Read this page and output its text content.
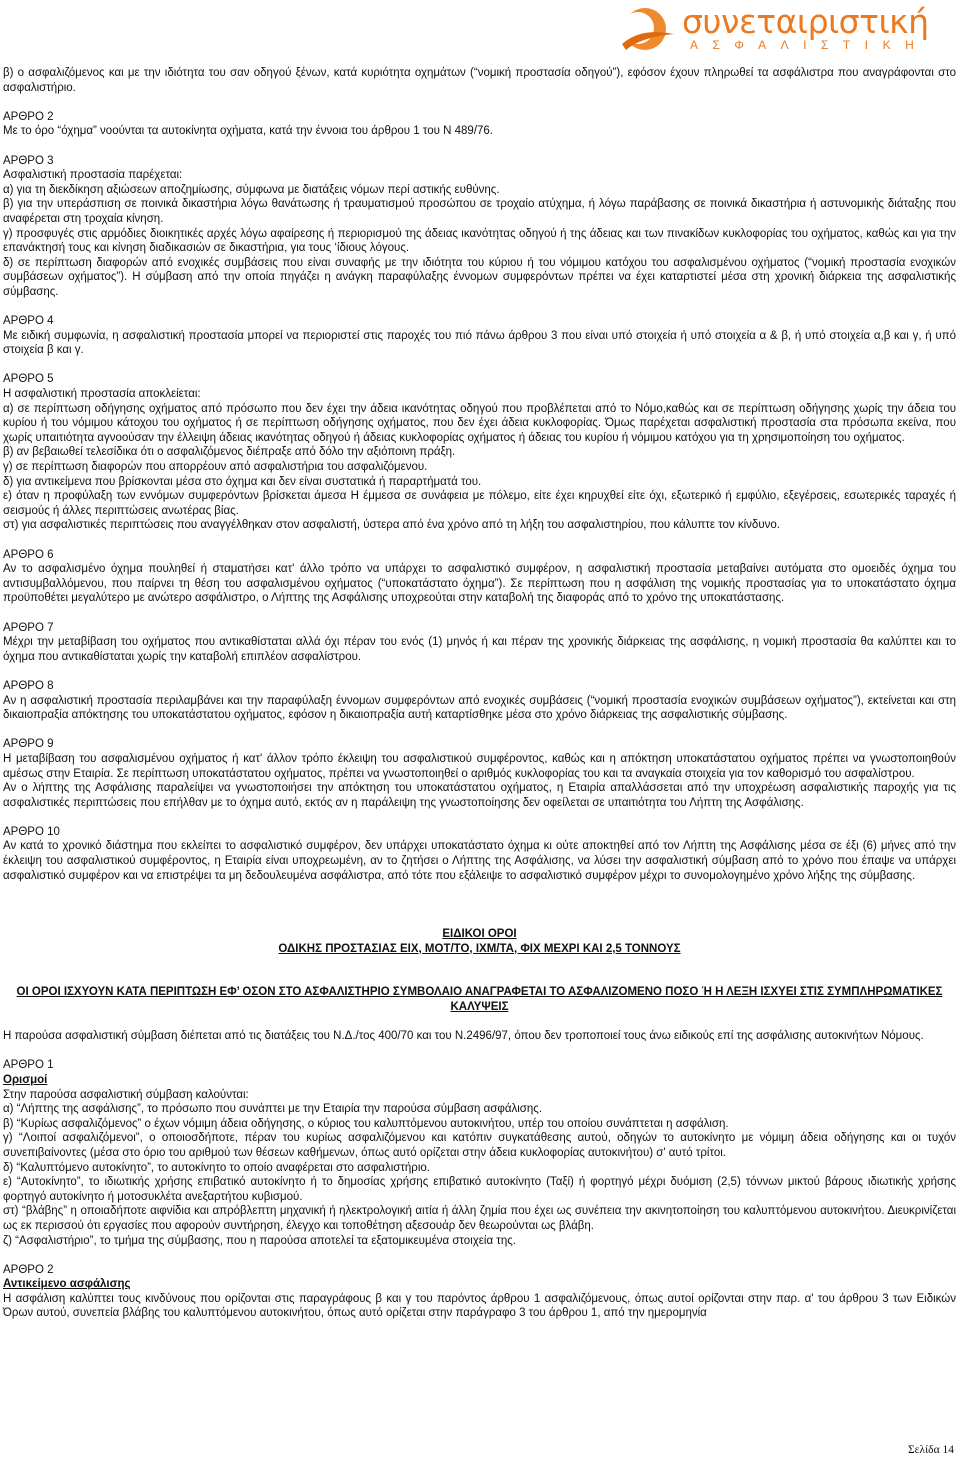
συνεταιριστική
ΑΣΦΑΛΙΣΤΙΚΗ

β) ο ασφαλιζόμενος και με την ιδιότητα του σαν οδηγού ξένων, κατά κυριότητα οχημάτων (“νομική προστασία οδηγού”), εφόσον έχουν πληρωθεί τα ασφάλιστρα που αναγράφονται στο ασφαλιστήριο.

ΑΡΘΡΟ 2

Με το όρο “όχημα” νοούνται τα αυτοκίνητα οχήματα, κατά την έννοια του άρθρου 1 του Ν 489/76.

ΑΡΘΡΟ 3

Ασφαλιστική προστασία παρέχεται:

α) για τη διεκδίκηση αξιώσεων αποζημίωσης, σύμφωνα με διατάξεις νόμων περί αστικής ευθύνης.

β) για την υπεράσπιση σε ποινικά δικαστήρια λόγω θανάτωσης ή τραυματισμού προσώπου σε τροχαίο ατύχημα, ή λόγω παράβασης σε ποινικά δικαστήρια ή αστυνομικής διάταξης που αναφέρεται στη τροχαία κίνηση.

γ) προσφυγές στις αρμόδιες διοικητικές αρχές λόγω αφαίρεσης ή περιορισμού της άδειας ικανότητας οδηγού ή της άδειας και των πινακίδων κυκλοφορίας του οχήματος, καθώς και για την επανάκτησή τους και κίνηση διαδικασιών σε δικαστήρια, για τους ‘ίδιους λόγους.

δ) σε περίπτωση διαφορών από ενοχικές συμβάσεις που είναι συναφής με την ιδιότητα του κύριου ή του νόμιμου κατόχου του ασφαλισμένου οχήματος (“νομική προστασία ενοχικών συμβάσεων οχήματος”). Η σύμβαση από την οποία πηγάζει η ανάγκη παραφύλαξης έννομων συμφερόντων πρέπει να έχει καταρτιστεί μέσα στη χρονική διάρκεια της ασφαλιστικής σύμβασης.

ΑΡΘΡΟ 4

Με ειδική συμφωνία, η ασφαλιστική προστασία μπορεί να περιοριστεί στις παροχές του πιό πάνω άρθρου 3 που είναι υπό στοιχεία ή υπό στοιχεία α & β, ή υπό στοιχεία α,β και γ, ή υπό στοιχεία β και γ.

ΑΡΘΡΟ 5

Η ασφαλιστική προστασία αποκλείεται:

α) σε περίπτωση οδήγησης οχήματος από πρόσωπο που δεν έχει την άδεια ικανότητας οδηγού που προβλέπεται από το Νόμο,καθώς και σε περίπτωση οδήγησης χωρίς την άδεια του κυρίου ή του νόμιμου κάτοχου του οχήματος ή σε περίπτωση οδήγησης οχήματος, που δεν έχει άδεια κυκλοφορίας. Όμως παρέχεται ασφαλιστική προστασία στα πρόσωπα εκείνα, που χωρίς υπαιτιότητα αγνοούσαν την έλλειψη άδειας ικανότητας οδηγού ή άδειας κυκλοφορίας οχήματος ή άδειας του κυρίου ή νόμιμου κατόχου για τη χρησιμοποίηση του οχήματος.

β) αν βεβαιωθεί τελεσίδικα ότι ο ασφαλιζόμενος διέπραξε από δόλο την αξιόποινη πράξη.

γ) σε περίπτωση διαφορών που απορρέουν από ασφαλιστήρια του ασφαλιζόμενου.

δ) για αντικείμενα που βρίσκονται μέσα στο όχημα και δεν είναι συστατικά ή παραρτήματά του.

ε) όταν η προφύλαξη των εννόμων συμφερόντων βρίσκεται άμεσα Η έμμεσα σε συνάφεια με πόλεμο, είτε έχει κηρυχθεί είτε όχι, εξωτερικό ή εμφύλιο, εξεγέρσεις, εσωτερικές ταραχές ή σεισμούς ή άλλες περιπτώσεις ανωτέρας βίας.

στ) για ασφαλιστικές περιπτώσεις που αναγγέλθηκαν στον ασφαλιστή, ύστερα από ένα χρόνο από τη λήξη του ασφαλιστηρίου, που κάλυπτε τον κίνδυνο.

ΑΡΘΡΟ 6

Αν το ασφαλισμένο όχημα πουληθεί ή σταματήσει κατ' άλλο τρόπο να υπάρχει το ασφαλιστικό συμφέρον, η ασφαλιστική προστασία μεταβαίνει αυτόματα στο ομοειδές όχημα του αντισυμβαλλόμενου, που παίρνει τη θέση του ασφαλισμένου οχήματος (“υποκατάστατο όχημα”). Σε περίπτωση που η ασφάλιση της νομικής προστασίας για το υποκατάστατο όχημα προϋποθέτει μεγαλύτερο με ανώτερο ασφάλιστρο, ο Λήπτης της Ασφάλισης υποχρεούται στην καταβολή της διαφοράς από το χρόνο της υποκατάστασης.

ΑΡΘΡΟ 7

Μέχρι την μεταβίβαση του οχήματος που αντικαθίσταται αλλά όχι πέραν του ενός (1) μηνός ή και πέραν της χρονικής διάρκειας της ασφάλισης, η νομική προστασία θα καλύπτει και το όχημα που αντικαθίσταται χωρίς την καταβολή επιπλέον ασφαλίστρου.

ΑΡΘΡΟ 8

Αν η ασφαλιστική προστασία περιλαμβάνει και την παραφύλαξη έννομων συμφερόντων από ενοχικές συμβάσεις (“νομική προστασία ενοχικών συμβάσεων οχήματος”), εκτείνεται και στη δικαιοπραξία απόκτησης του υποκατάστατου οχήματος, εφόσον η δικαιοπραξία αυτή καταρτίσθηκε μέσα στο χρόνο διάρκειας της ασφαλιστικής σύμβασης.

ΑΡΘΡΟ 9

Η μεταβίβαση του ασφαλισμένου οχήματος ή κατ' άλλον τρόπο έκλειψη του ασφαλιστικού συμφέροντος, καθώς και η απόκτηση υποκατάστατου οχήματος πρέπει να γνωστοποιηθούν αμέσως στην Εταιρία. Σε περίπτωση υποκατάστατου οχήματος, πρέπει να γνωστοποιηθεί ο αριθμός κυκλοφορίας του και τα αναγκαία στοιχεία για τον καθορισμό του ασφαλίστρου.

Αν ο λήπτης της Ασφάλισης παραλείψει να γνωστοποιήσει την απόκτηση του υποκατάστατου οχήματος, η Εταιρία απαλλάσσεται από την υποχρέωση ασφαλιστικής παροχής για τις ασφαλιστικές περιπτώσεις που επήλθαν με το όχημα αυτό, εκτός αν η παράλειψη της γνωστοποίησης δεν οφείλεται σε υπαιτιότητα του Λήπτη της Ασφάλισης.

ΑΡΘΡΟ 10

Αν κατά το χρονικό διάστημα που εκλείπει το ασφαλιστικό συμφέρον, δεν υπάρχει υποκατάστατο όχημα κι ούτε αποκτηθεί από τον Λήπτη της Ασφάλισης μέσα σε έξι (6) μήνες από την έκλειψη του ασφαλιστικού συμφέροντος, η Εταιρία είναι υποχρεωμένη, αν το ζητήσει ο Λήπτης της Ασφάλισης, να λύσει την ασφαλιστική σύμβαση από το χρόνο που έπαψε να υπάρχει ασφαλιστικό συμφέρον και να επιστρέψει τα μη δεδουλευμένα ασφάλιστρα, από τότε που εξάλειψε το ασφαλιστικό συμφέρον μέχρι το συνομολογημένο χρόνο λήξης της σύμβασης.

ΕΙΔΙΚΟΙ ΟΡΟΙ

ΟΔΙΚΗΣ ΠΡΟΣΤΑΣΙΑΣ ΕΙΧ, ΜΟΤ/ΤΟ, ΙΧΜ/ΤΑ, ΦΙΧ ΜΕΧΡΙ ΚΑΙ 2,5 ΤΟΝΝΟΥΣ

ΟΙ ΟΡΟΙ ΙΣΧΥΟΥΝ ΚΑΤΑ ΠΕΡΙΠΤΩΣΗ ΕΦ’ ΟΣΟΝ ΣΤΟ ΑΣΦΑΛΙΣΤΗΡΙΟ ΣΥΜΒΟΛΑΙΟ ΑΝΑΓΡΑΦΕΤΑΙ ΤΟ ΑΣΦΑΛΙΖΟΜΕΝΟ ΠΟΣΟ Ή Η ΛΕΞΗ ΙΣΧΥΕΙ ΣΤΙΣ ΣΥΜΠΛΗΡΩΜΑΤΙΚΕΣ ΚΑΛΥΨΕΙΣ

Η παρούσα ασφαλιστική σύμβαση διέπεται από τις διατάξεις του Ν.Δ./τος 400/70 και του Ν.2496/97, όπου δεν τροποποιεί τους άνω ειδικούς επί της ασφάλισης αυτοκινήτων Νόμους.

ΑΡΘΡΟ 1

Ορισμοί

Στην παρούσα ασφαλιστική σύμβαση καλούνται:

α) “Λήπτης της ασφάλισης”, το πρόσωπο που συνάπτει με την Εταιρία την παρούσα σύμβαση ασφάλισης.

β) “Κυρίως ασφαλιζόμενος” ο έχων νόμιμη άδεια οδήγησης, ο κύριος του καλυπτόμενου αυτοκινήτου, υπέρ του οποίου συνάπτεται η ασφάλιση.

γ) “Λοιποί ασφαλιζόμενοι”, ο οποιοσδήποτε, πέραν του κυρίως ασφαλιζόμενου και κατόπιν συγκατάθεσης αυτού, οδηγών το αυτοκίνητο με νόμιμη άδεια οδήγησης και οι τυχόν συνεπιβαίνοντες (μέσα στο όριο του αριθμού των θέσεων καθήμενων, όπως αυτό ορίζεται στην άδεια κυκλοφορίας αυτοκινήτου) σ' αυτό τρίτοι.

δ) “Καλυπτόμενο αυτοκίνητο”, το αυτοκίνητο το οποίο αναφέρεται στο ασφαλιστήριο.

ε) “Αυτοκίνητο”, το ιδιωτικής χρήσης επιβατικό αυτοκίνητο ή το δημοσίας χρήσης επιβατικό αυτοκίνητο (Ταξί) ή φορτηγό μέχρι δυόμιση (2,5) τόννων μικτού βάρους ιδιωτικής χρήσης φορτηγό αυτοκίνητο ή μοτοσυκλέτα ανεξαρτήτου κυβισμού.

στ) “βλάβης” η οποιαδήποτε αιφνίδια και απρόβλεπτη μηχανική ή ηλεκτρολογική αιτία ή άλλη ζημία που έχει ως συνέπεια την ακινητοποίηση του καλυπτόμενου αυτοκινήτου. Διευκρινίζεται ως εκ περισσού ότι εργασίες που αφορούν συντήρηση, έλεγχο και τοποθέτηση αξεσουάρ δεν θεωρούνται ως βλάβη.

ζ) “Ασφαλιστήριο”, το τμήμα της σύμβασης, που η παρούσα αποτελεί τα εξατομικευμένα στοιχεία της.

ΑΡΘΡΟ 2

Αντικείμενο ασφάλισης

Η ασφάλιση καλύπτει τους κινδύνους που ορίζονται στις παραγράφους β και γ του παρόντος άρθρου 1 ασφαλιζόμενους, όπως αυτοί ορίζονται στην παρ. α' του άρθρου 3 των Ειδικών Όρων αυτού, συνεπεία βλάβης του καλυπτόμενου αυτοκινήτου, όπως αυτό ορίζεται στην παράγραφο 3 του άρθρου 1, από την ημερομηνία

Σελίδα 14
